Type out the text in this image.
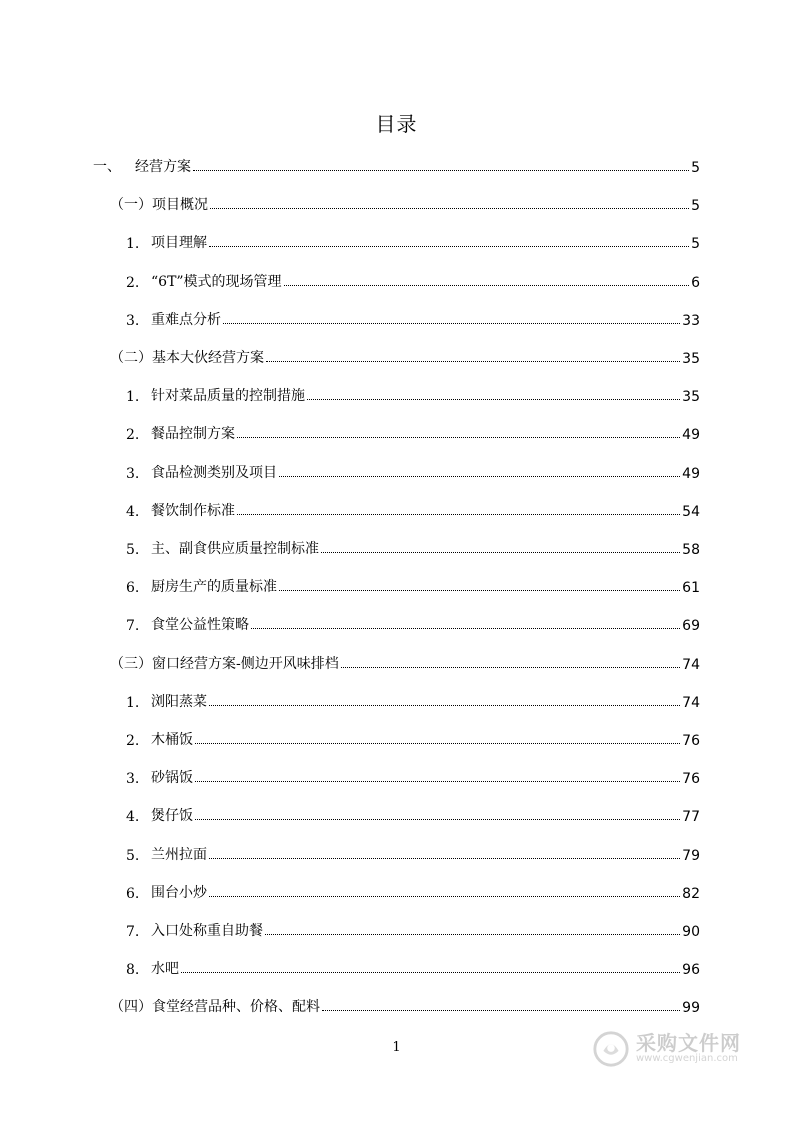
目录
一、	经营方案	5
（一）项目概况	5
1. 项目理解	5
2. “6T”模式的现场管理	6
3. 重难点分析	33
（二）基本大伙经营方案	35
1. 针对菜品质量的控制措施	35
2. 餐品控制方案	49
3. 食品检测类别及项目	49
4. 餐饮制作标准	54
5. 主、副食供应质量控制标准	58
6. 厨房生产的质量标准	61
7. 食堂公益性策略	69
（三）窗口经营方案-侧边开风味排档	74
1. 浏阳蒸菜	74
2. 木桶饭	76
3. 砂锅饭	76
4. 煲仔饭	77
5. 兰州拉面	79
6. 围台小炒	82
7. 入口处称重自助餐	90
8. 水吧	96
（四）食堂经营品种、价格、配料	99
1	采购文件网
www.cgwenjian.com
